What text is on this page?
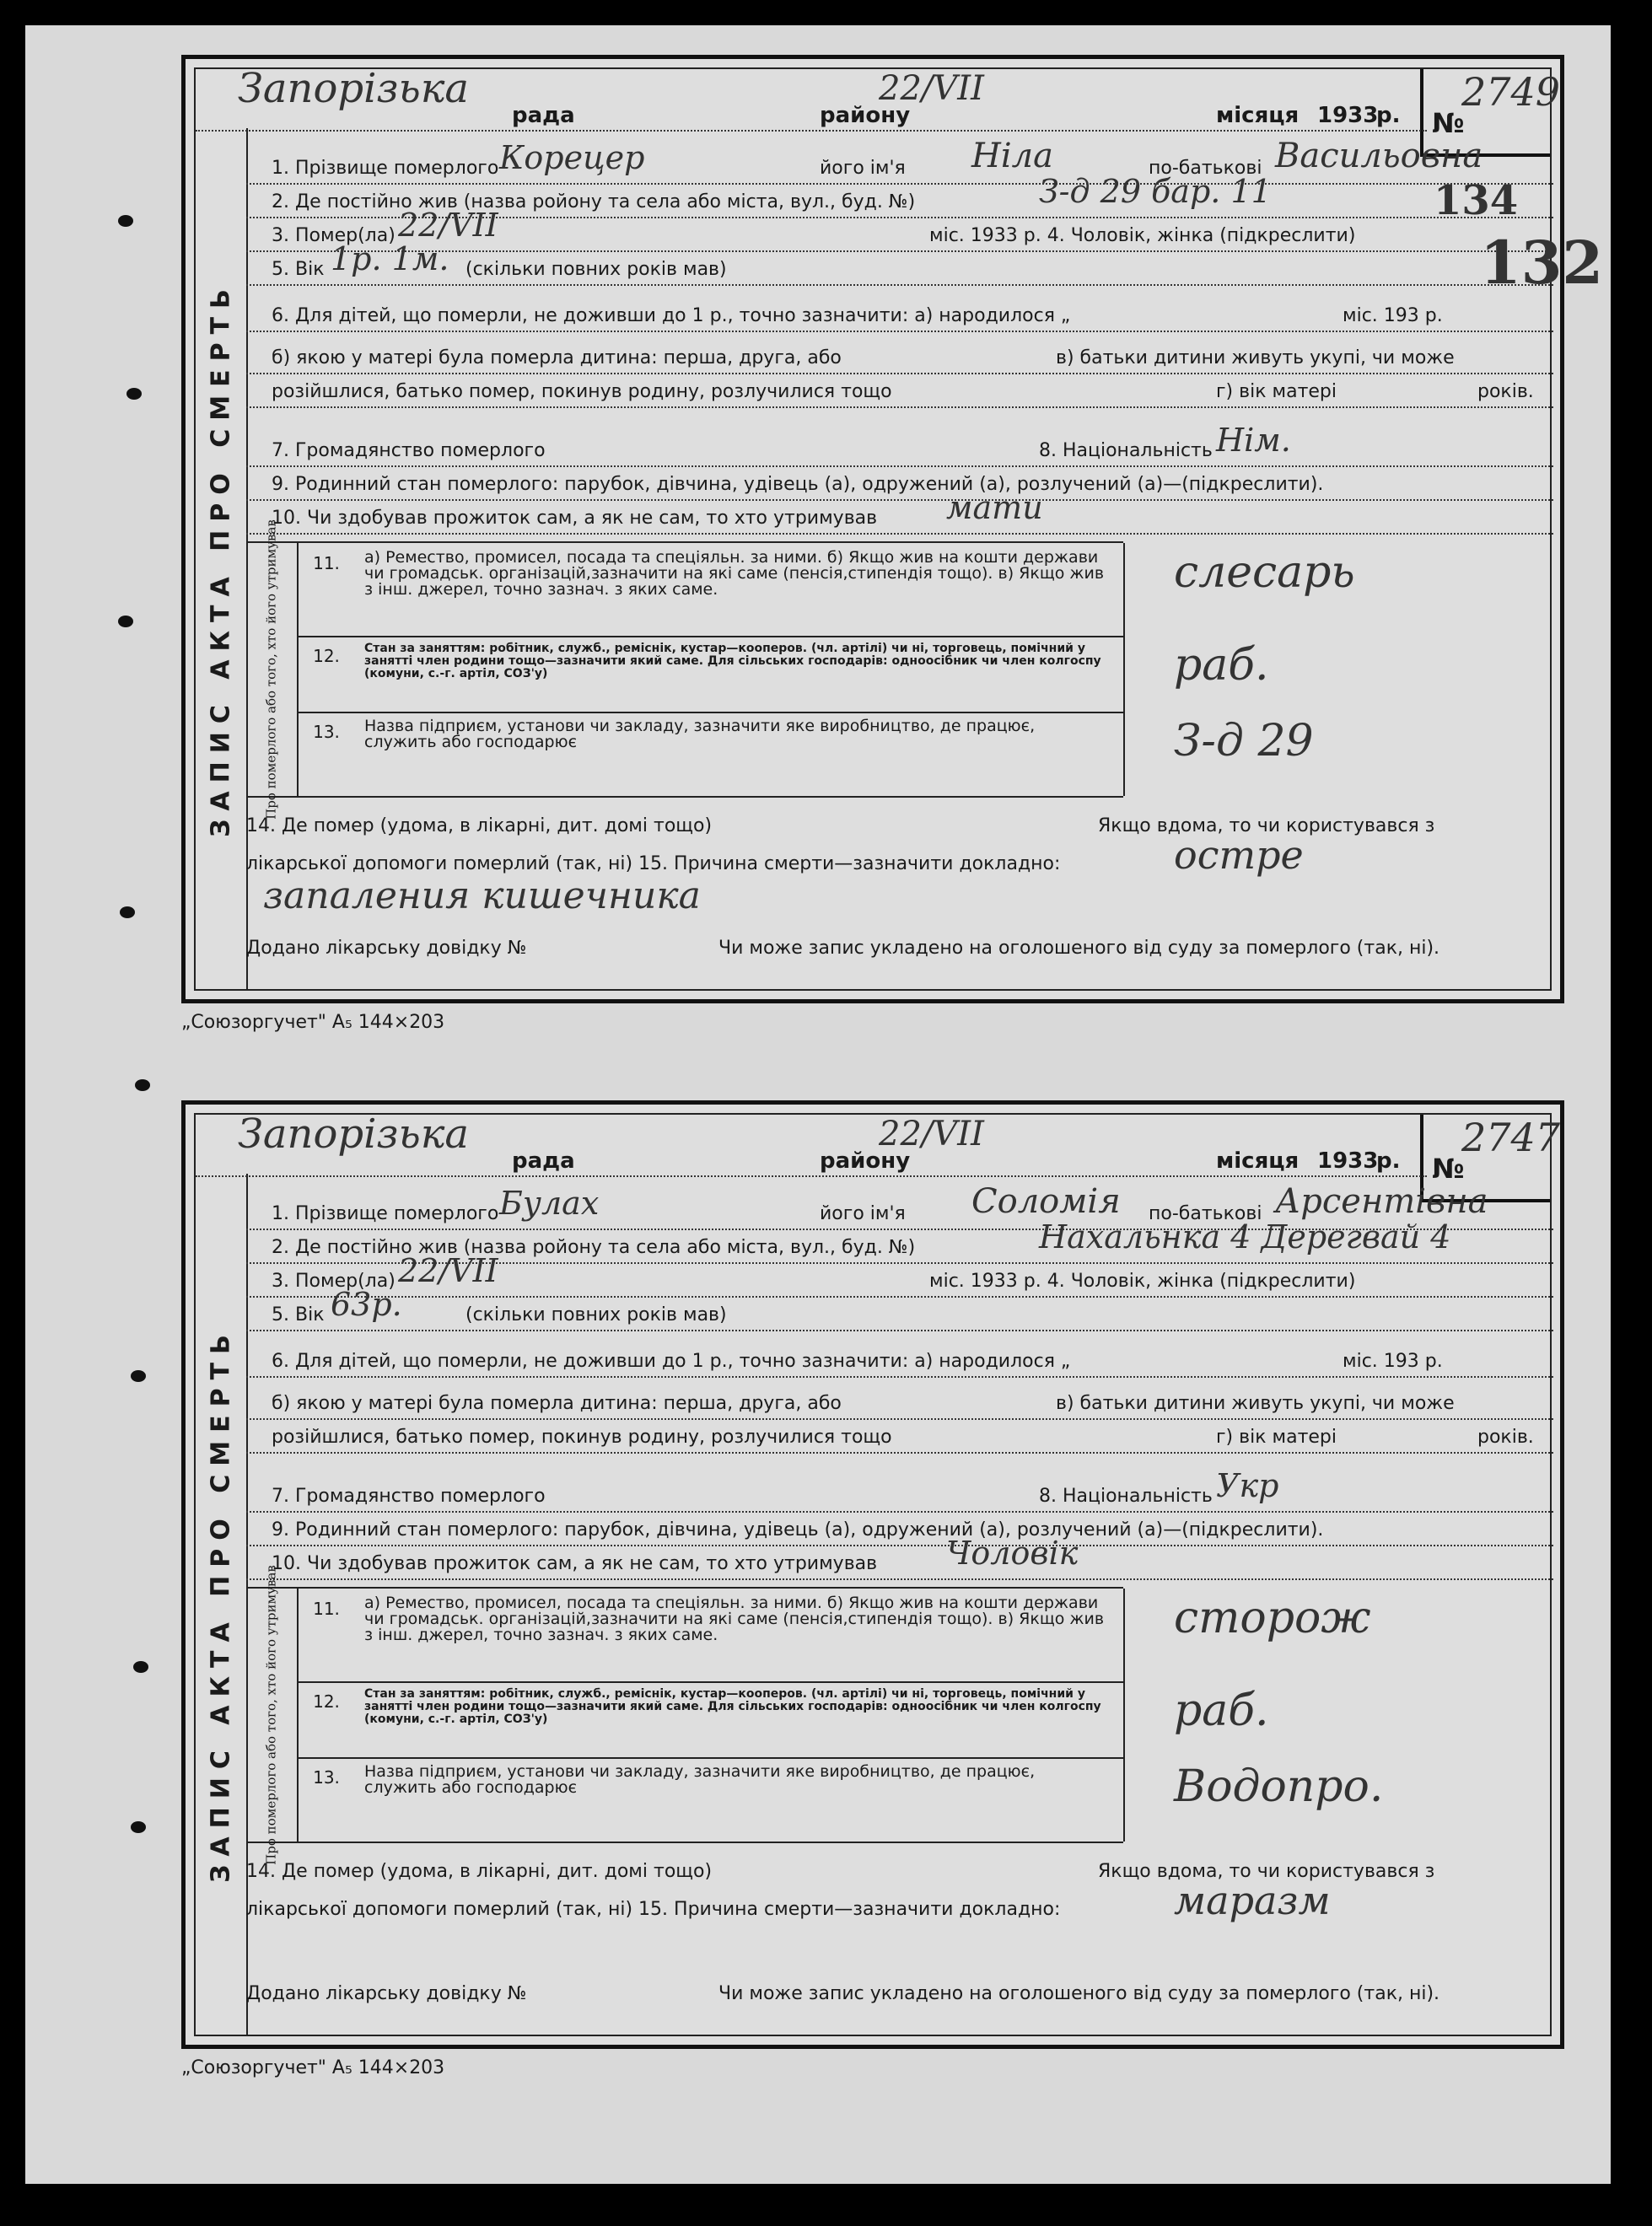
ЗАПИС АКТА ПРО СМЕРТЬ
№
2749
Запорізька
рада
22/VII
району	місяця 1933
р.
1. Прізвище померлого	його ім'я	по-батькові
Корецер	Ніла	Васильовна
2. Де постійно жив (назва ройону та села або міста, вул., буд. №)	З-д 29 бар. 11
3. Помер(ла)	міс. 1933 р. 4. Чоловік, жінка (підкреслити)
22/VII
5. Вік	(скільки повних років мав)
1р. 1м.
6. Для дітей, що померли, не доживши до 1 р., точно зазначити: а) народилося „	міс. 193 р.
б) якою у матері була померла дитина: перша, друга, або	в) батьки дитини живуть укупі, чи може
розійшлися, батько помер, покинув родину, розлучилися тощо	г) вік матері	років.
7. Громадянство померлого	8. Національність Нім.
9. Родинний стан померлого: парубок, дівчина, удівець (а), одружений (а), розлучений (а)—(підкреслити).
10. Чи здобував прожиток сам, а як не сам, то хто утримував мати
Про померлого або того, хто його утримував	11.	а) Ремество, промисел, посада та спеціяльн. за ними. б) Якщо жив на кошти держави чи громадськ. організацій,зазначити на які саме (пенсія,стипендія тощо). в) Якщо жив з інш. джерел, точно зазнач. з яких саме.	слесарь
12.	Стан за заняттям: робітник, служб., реміснік, кустар—кооперов. (чл. артілі) чи ні, торговець, помічний у занятті член родини тощо—зазначити який саме. Для сільських господарів: одноосібник чи член колгоспу (комуни, с.-г. артіл, СОЗ'у)	раб.
13.	Назва підприєм, установи чи закладу, зазначити яке виробництво, де працює, служить або господарює	З-д 29
14. Де помер (удома, в лікарні, дит. домі тощо)	Якщо вдома, то чи користувався з
лікарської допомоги померлий (так, ні) 15. Причина смерти—зазначити докладно:	остре
запаления кишечника
Додано лікарську довідку №	Чи може запис укладено на оголошеного від суду за померлого (так, ні).
„Союзоргучет" А₅ 144×203
134
132
ЗАПИС АКТА ПРО СМЕРТЬ
№
2747
Запорізька
рада
22/VII
району	місяця 1933
р.
1. Прізвище померлого	його ім'я	по-батькові
Булах	Соломія	Арсентівна
2. Де постійно жив (назва ройону та села або міста, вул., буд. №)	Нахальнка 4 Дерегвай 4
3. Помер(ла)	міс. 1933 р. 4. Чоловік, жінка (підкреслити)
22/VII
5. Вік	(скільки повних років мав)
63р.
6. Для дітей, що померли, не доживши до 1 р., точно зазначити: а) народилося „	міс. 193 р.
б) якою у матері була померла дитина: перша, друга, або	в) батьки дитини живуть укупі, чи може
розійшлися, батько помер, покинув родину, розлучилися тощо	г) вік матері	років.
7. Громадянство померлого	8. Національність Укр
9. Родинний стан померлого: парубок, дівчина, удівець (а), одружений (а), розлучений (а)—(підкреслити).
10. Чи здобував прожиток сам, а як не сам, то хто утримував Чоловік
Про померлого або того, хто його утримував	11.	а) Ремество, промисел, посада та спеціяльн. за ними. б) Якщо жив на кошти держави чи громадськ. організацій,зазначити на які саме (пенсія,стипендія тощо). в) Якщо жив з інш. джерел, точно зазнач. з яких саме.	сторож
12.	Стан за заняттям: робітник, служб., реміснік, кустар—кооперов. (чл. артілі) чи ні, торговець, помічний у занятті член родини тощо—зазначити який саме. Для сільських господарів: одноосібник чи член колгоспу (комуни, с.-г. артіл, СОЗ'у)	раб.
13.	Назва підприєм, установи чи закладу, зазначити яке виробництво, де працює, служить або господарює	Водопро.
14. Де помер (удома, в лікарні, дит. домі тощо)	Якщо вдома, то чи користувався з
лікарської допомоги померлий (так, ні) 15. Причина смерти—зазначити докладно:	маразм
Додано лікарську довідку №	Чи може запис укладено на оголошеного від суду за померлого (так, ні).
„Союзоргучет" А₅ 144×203
